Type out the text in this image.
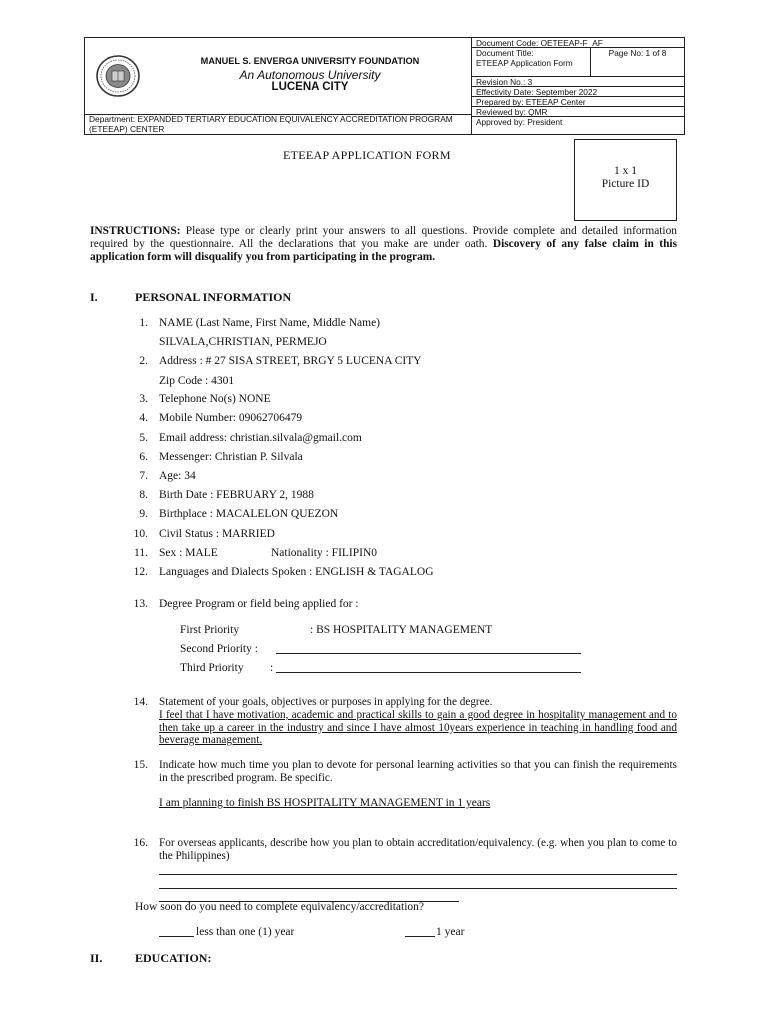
MANUEL S. ENVERGA UNIVERSITY FOUNDATION
An Autonomous University
LUCENA CITY
Department: EXPANDED TERTIARY EDUCATION EQUIVALENCY ACCREDITATION PROGRAM (ETEEAP) CENTER
Document Code: OETEEAP-F_AF
Document Title:
ETEEAP Application Form
Page No: 1 of 8
Revision No.: 3
Effectivity Date: September 2022
Prepared by: ETEEAP Center
Reviewed by: QMR
Approved by: President
ETEEAP APPLICATION FORM
1 x 1
Picture ID
INSTRUCTIONS: Please type or clearly print your answers to all questions. Provide complete and detailed information required by the questionnaire. All the declarations that you make are under oath. Discovery of any false claim in this application form will disqualify you from participating in the program.
I.	PERSONAL INFORMATION
1. NAME (Last Name, First Name, Middle Name)
SILVALA,CHRISTIAN, PERMEJO
2. Address : # 27 SISA STREET, BRGY 5 LUCENA CITY
Zip Code : 4301
3. Telephone No(s) NONE
4. Mobile Number: 09062706479
5. Email address: christian.silvala@gmail.com
6. Messenger: Christian P. Silvala
7. Age: 34
8. Birth Date : FEBRUARY 2, 1988
9. Birthplace : MACALELON QUEZON
10. Civil Status : MARRIED
11. Sex : MALE	Nationality : FILIPIN0
12. Languages and Dialects Spoken : ENGLISH & TAGALOG
13. Degree Program or field being applied for :
First Priority	: BS HOSPITALITY MANAGEMENT
Second Priority :
Third Priority :
14. Statement of your goals, objectives or purposes in applying for the degree.
I feel that I have motivation, academic and practical skills to gain a good degree in hospitality management and to then take up a career in the industry and since I have almost 10years experience in teaching in handling food and beverage management.
15. Indicate how much time you plan to devote for personal learning activities so that you can finish the requirements in the prescribed program. Be specific.
I am planning to finish BS HOSPITALITY MANAGEMENT in 1 years
16. For overseas applicants, describe how you plan to obtain accreditation/equivalency. (e.g. when you plan to come to the Philippines)
How soon do you need to complete equivalency/accreditation?
less than one (1) year	1 year
II.	EDUCATION:
